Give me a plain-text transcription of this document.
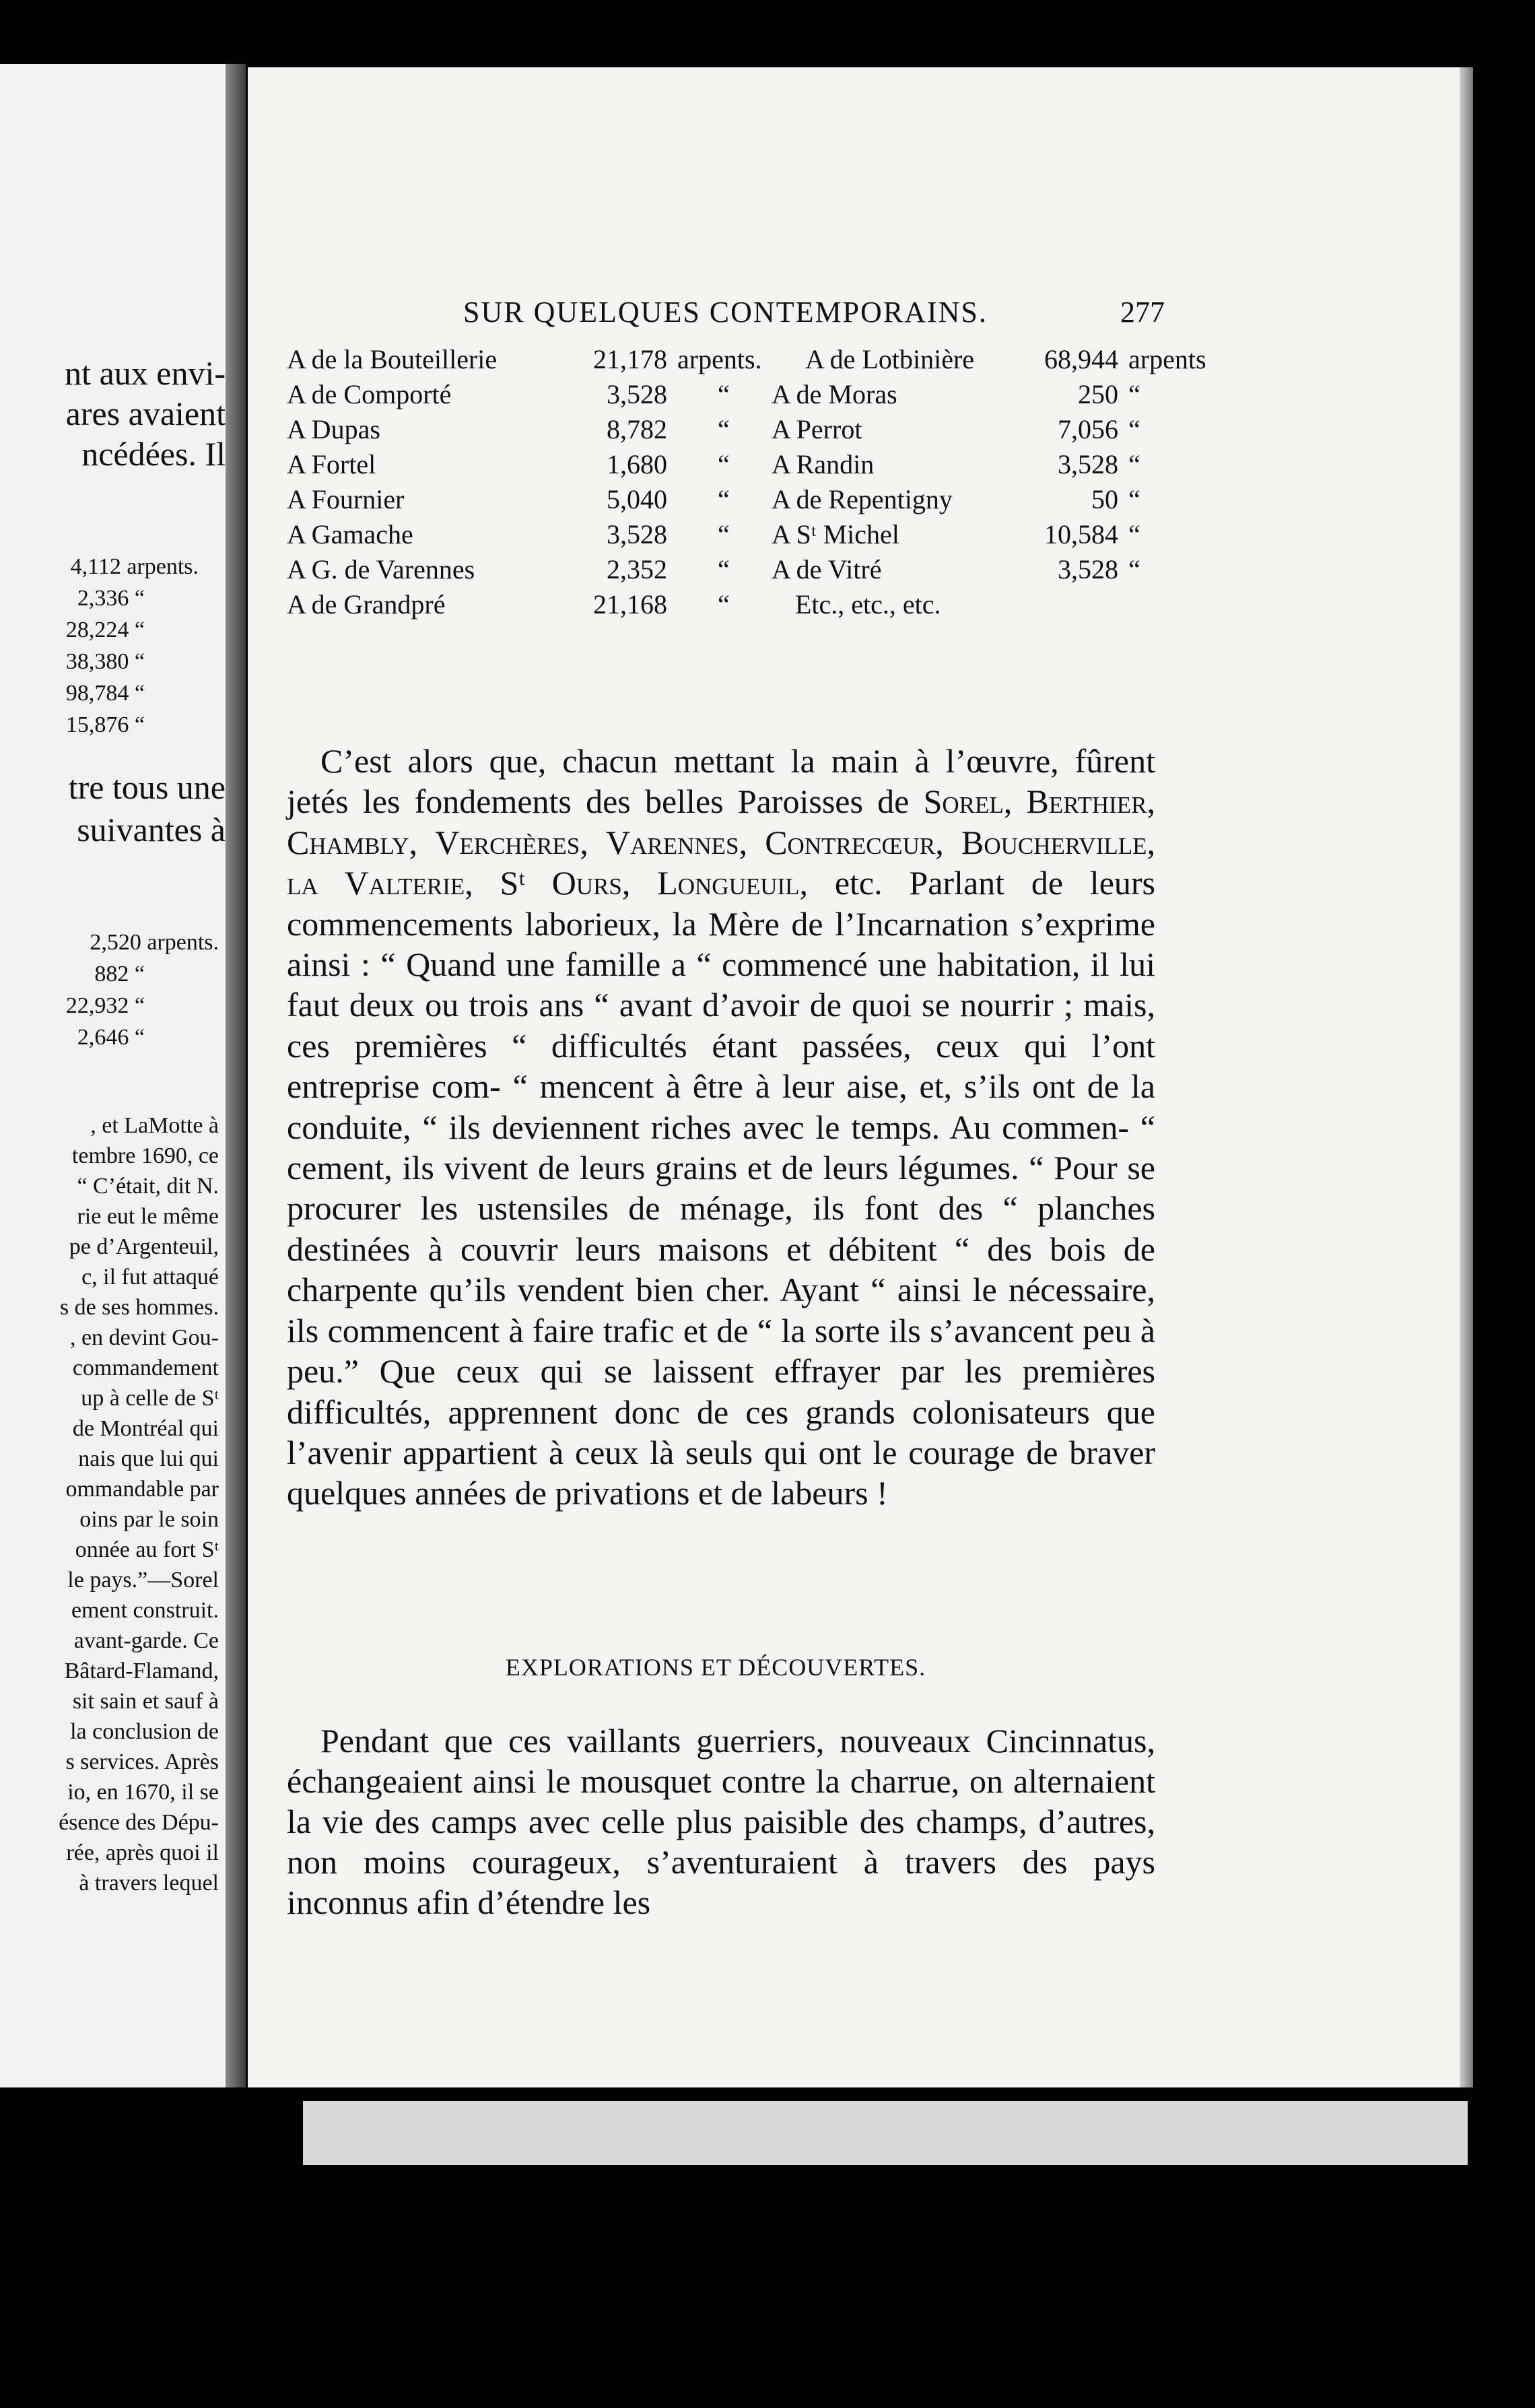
nt aux envi-
ares avaient
ncédées. Il
4,112 arpents.
2,336 “
28,224 “
38,380 “
98,784 “
15,876 “
tre tous une
suivantes à
2,520 arpents.
882 “
22,932 “
2,646 “
, et LaMotte à
tembre 1690, ce
“ C’était, dit N.
rie eut le même
pe d’Argenteuil,
c, il fut attaqué
s de ses hommes.
, en devint Gou-
commandement
up à celle de Sᵗ
de Montréal qui
nais que lui qui
ommandable par
oins par le soin
onnée au fort Sᵗ
le pays.”—Sorel
ement construit.
avant-garde. Ce
Bâtard-Flamand,
sit sain et sauf à
la conclusion de
s services. Après
io, en 1670, il se
ésence des Dépu-
rée, après quoi il
à travers lequel
SUR QUELQUES CONTEMPORAINS.	277
A de la Bouteillerie	21,178 arpents. A de Lotbinière	68,944 arpents
A de Comporté	3,528 “ A de Moras	250 “
A Dupas	8,782 “ A Perrot	7,056 “
A Fortel	1,680 “ A Randin	3,528 “
A Fournier	5,040 “ A de Repentigny	50 “
A Gamache	3,528 “ A Sᵗ Michel	10,584 “
A G. de Varennes	2,352 “ A de Vitré	3,528 “
A de Grandpré	21,168 “ Etc., etc., etc.

C’est alors que, chacun mettant la main à l’œuvre, fûrent jetés les fondements des belles Paroisses de Sorel, Berthier, Chambly, Verchères, Varennes, Contrecœur, Boucherville, la Valterie, Sᵗ Ours, Longueuil, etc. Parlant de leurs commencements laborieux, la Mère de l’Incarnation s’exprime ainsi : “ Quand une famille a “ commencé une habitation, il lui faut deux ou trois ans “ avant d’avoir de quoi se nourrir ; mais, ces premières “ difficultés étant passées, ceux qui l’ont entreprise com- “ mencent à être à leur aise, et, s’ils ont de la conduite, “ ils deviennent riches avec le temps. Au commen- “ cement, ils vivent de leurs grains et de leurs légumes. “ Pour se procurer les ustensiles de ménage, ils font des “ planches destinées à couvrir leurs maisons et débitent “ des bois de charpente qu’ils vendent bien cher. Ayant “ ainsi le nécessaire, ils commencent à faire trafic et de “ la sorte ils s’avancent peu à peu.” Que ceux qui se laissent effrayer par les premières difficultés, apprennent donc de ces grands colonisateurs que l’avenir appartient à ceux là seuls qui ont le courage de braver quelques années de privations et de labeurs !

EXPLORATIONS ET DÉCOUVERTES.

Pendant que ces vaillants guerriers, nouveaux Cincinnatus, échangeaient ainsi le mousquet contre la charrue, on alternaient la vie des camps avec celle plus paisible des champs, d’autres, non moins courageux, s’aventuraient à travers des pays inconnus afin d’étendre les
